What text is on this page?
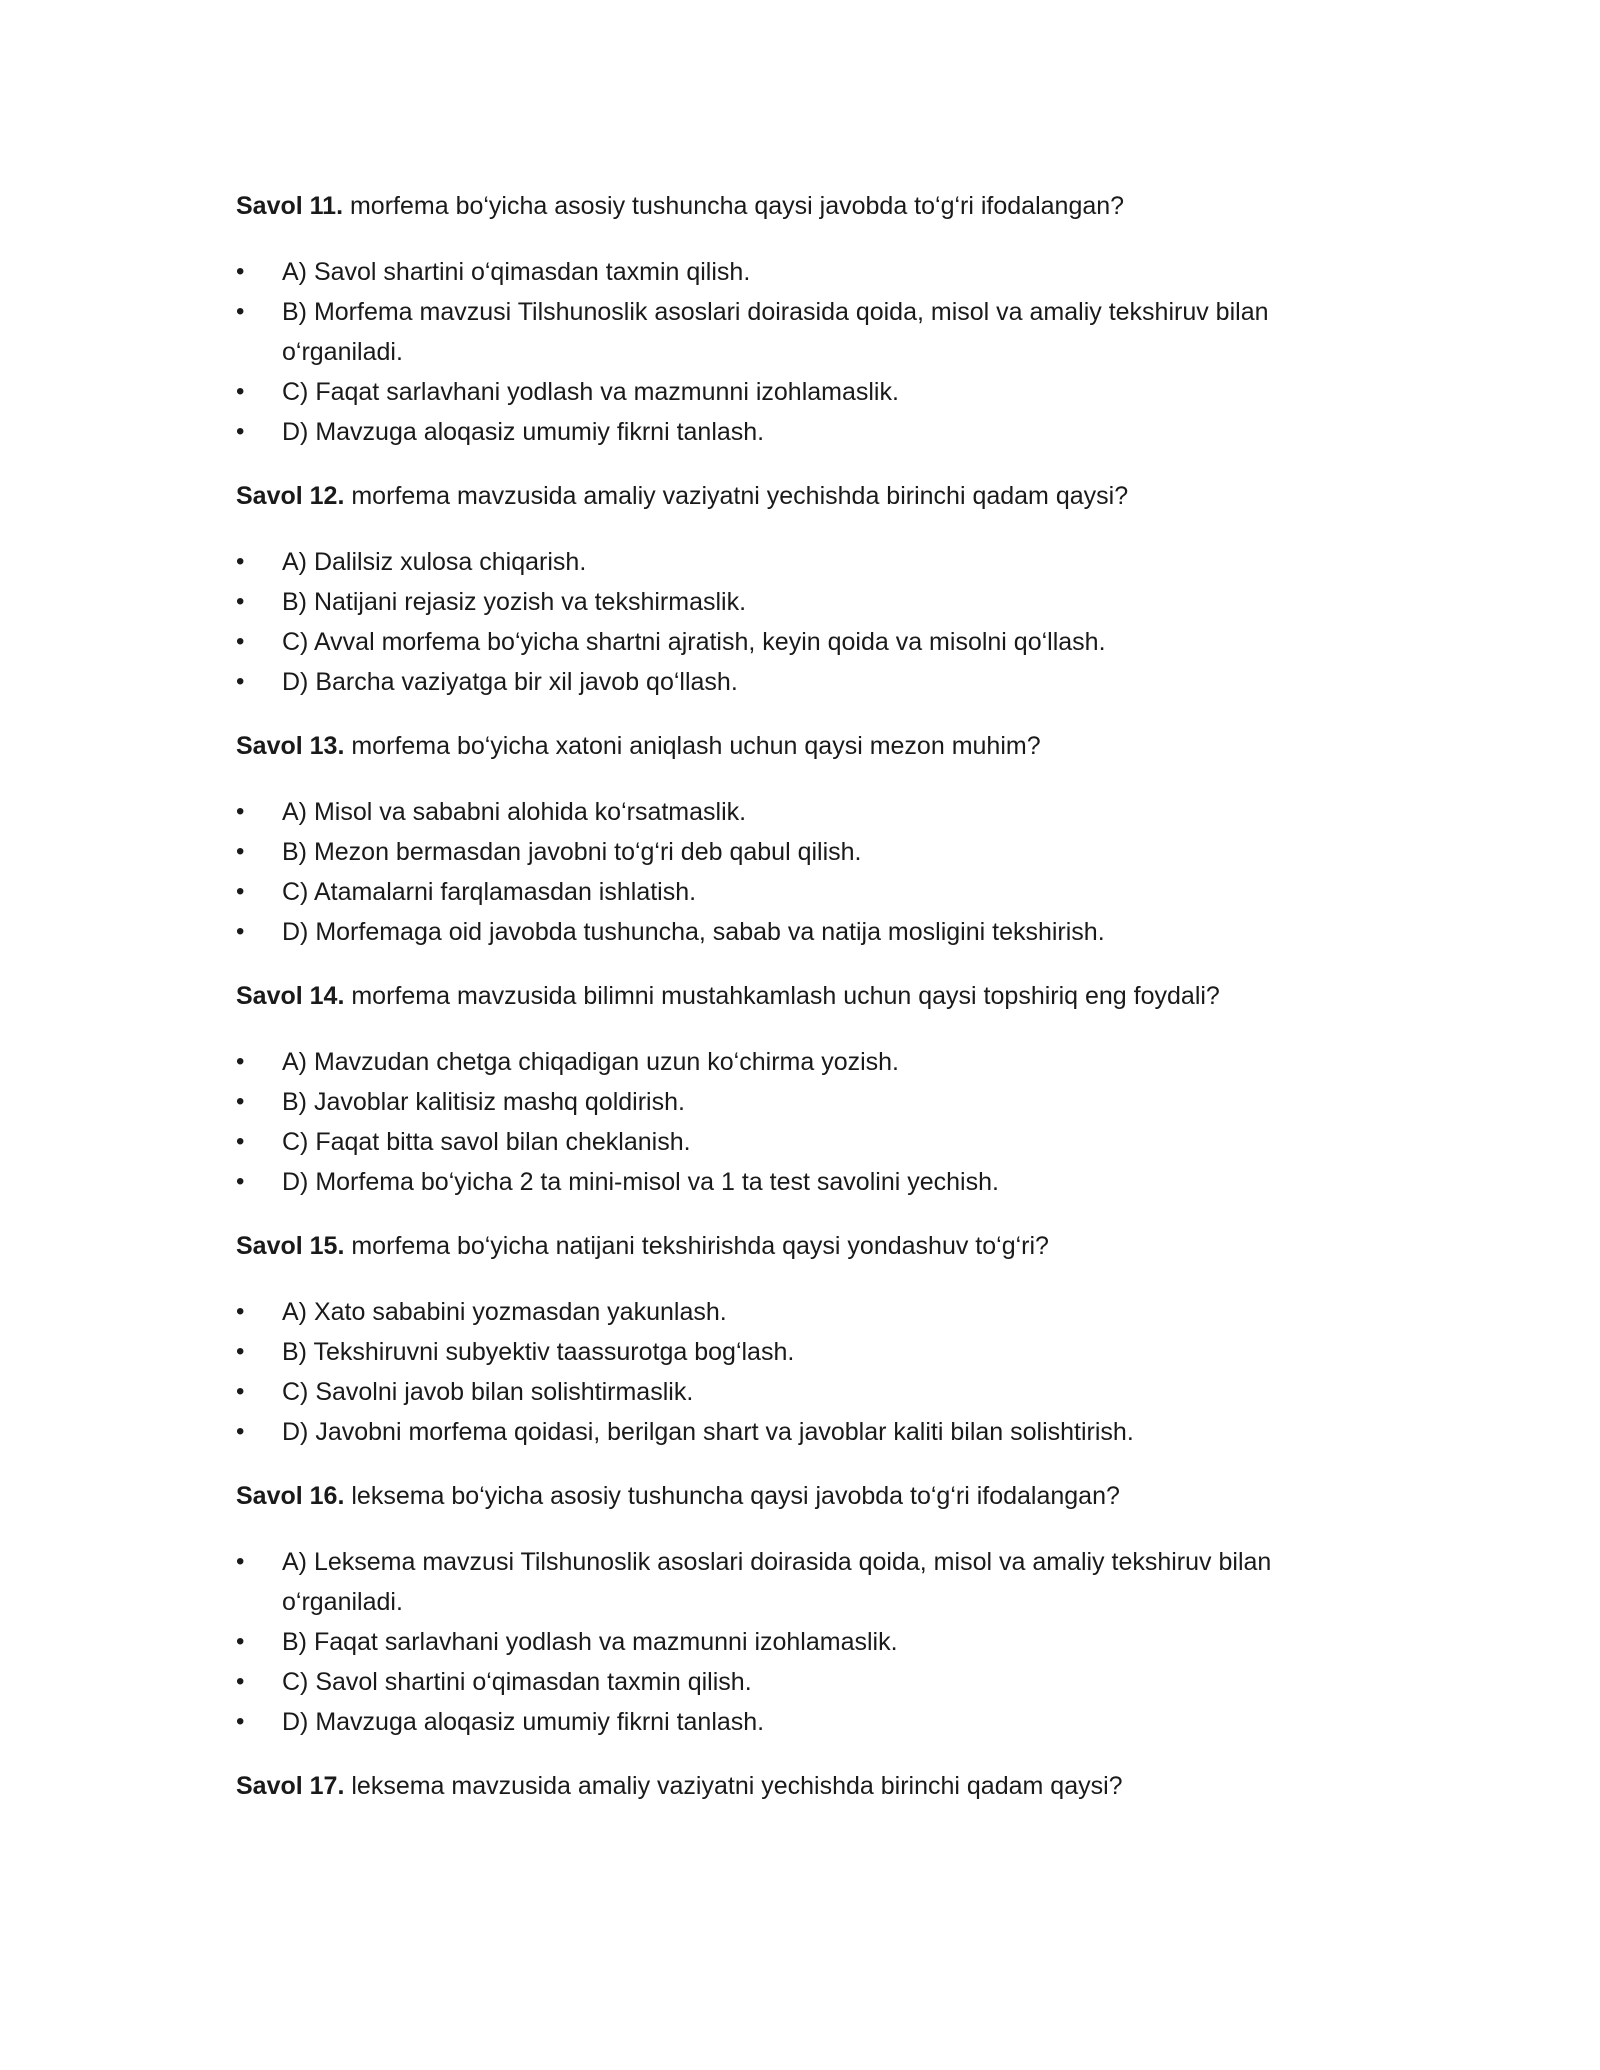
Savol 11. morfema bo‘yicha asosiy tushuncha qaysi javobda to‘g‘ri ifodalangan?

•	A) Savol shartini o‘qimasdan taxmin qilish.
•	B) Morfema mavzusi Tilshunoslik asoslari doirasida qoida, misol va amaliy tekshiruv bilan o‘rganiladi.
•	C) Faqat sarlavhani yodlash va mazmunni izohlamaslik.
•	D) Mavzuga aloqasiz umumiy fikrni tanlash.

Savol 12. morfema mavzusida amaliy vaziyatni yechishda birinchi qadam qaysi?

•	A) Dalilsiz xulosa chiqarish.
•	B) Natijani rejasiz yozish va tekshirmaslik.
•	C) Avval morfema bo‘yicha shartni ajratish, keyin qoida va misolni qo‘llash.
•	D) Barcha vaziyatga bir xil javob qo‘llash.

Savol 13. morfema bo‘yicha xatoni aniqlash uchun qaysi mezon muhim?

•	A) Misol va sababni alohida ko‘rsatmaslik.
•	B) Mezon bermasdan javobni to‘g‘ri deb qabul qilish.
•	C) Atamalarni farqlamasdan ishlatish.
•	D) Morfemaga oid javobda tushuncha, sabab va natija mosligini tekshirish.

Savol 14. morfema mavzusida bilimni mustahkamlash uchun qaysi topshiriq eng foydali?

•	A) Mavzudan chetga chiqadigan uzun ko‘chirma yozish.
•	B) Javoblar kalitisiz mashq qoldirish.
•	C) Faqat bitta savol bilan cheklanish.
•	D) Morfema bo‘yicha 2 ta mini-misol va 1 ta test savolini yechish.

Savol 15. morfema bo‘yicha natijani tekshirishda qaysi yondashuv to‘g‘ri?

•	A) Xato sababini yozmasdan yakunlash.
•	B) Tekshiruvni subyektiv taassurotga bog‘lash.
•	C) Savolni javob bilan solishtirmaslik.
•	D) Javobni morfema qoidasi, berilgan shart va javoblar kaliti bilan solishtirish.

Savol 16. leksema bo‘yicha asosiy tushuncha qaysi javobda to‘g‘ri ifodalangan?

•	A) Leksema mavzusi Tilshunoslik asoslari doirasida qoida, misol va amaliy tekshiruv bilan o‘rganiladi.
•	B) Faqat sarlavhani yodlash va mazmunni izohlamaslik.
•	C) Savol shartini o‘qimasdan taxmin qilish.
•	D) Mavzuga aloqasiz umumiy fikrni tanlash.

Savol 17. leksema mavzusida amaliy vaziyatni yechishda birinchi qadam qaysi?
